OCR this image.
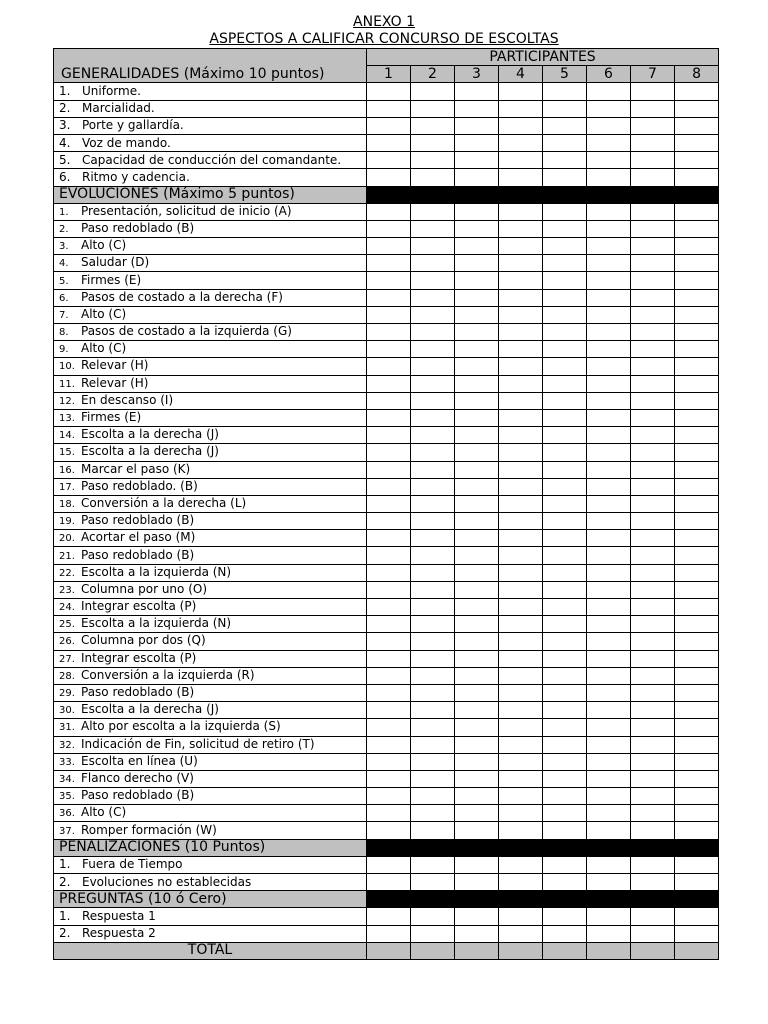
ANEXO 1
ASPECTOS A CALIFICAR CONCURSO DE ESCOLTAS
GENERALIDADES (Máximo 10 puntos)	PARTICIPANTES							
	1	2	3	4	5	6	7	8
1. Uniforme.								
2. Marcialidad.								
3. Porte y gallardía.								
4. Voz de mando.								
5. Capacidad de conducción del comandante.								
6. Ritmo y cadencia.								
EVOLUCIONES (Máximo 5 puntos)								
1. Presentación, solicitud de inicio (A)								
2. Paso redoblado (B)								
3. Alto (C)								
4. Saludar (D)								
5. Firmes (E)								
6. Pasos de costado a la derecha (F)								
7. Alto (C)								
8. Pasos de costado a la izquierda (G)								
9. Alto (C)								
10. Relevar (H)								
11. Relevar (H)								
12. En descanso (I)								
13. Firmes (E)								
14. Escolta a la derecha (J)								
15. Escolta a la derecha (J)								
16. Marcar el paso (K)								
17. Paso redoblado. (B)								
18. Conversión a la derecha (L)								
19. Paso redoblado (B)								
20. Acortar el paso (M)								
21. Paso redoblado (B)								
22. Escolta a la izquierda (N)								
23. Columna por uno (O)								
24. Integrar escolta (P)								
25. Escolta a la izquierda (N)								
26. Columna por dos (Q)								
27. Integrar escolta (P)								
28. Conversión a la izquierda (R)								
29. Paso redoblado (B)								
30. Escolta a la derecha (J)								
31. Alto por escolta a la izquierda (S)								
32. Indicación de Fin, solicitud de retiro (T)								
33. Escolta en línea (U)								
34. Flanco derecho (V)								
35. Paso redoblado (B)								
36. Alto (C)								
37. Romper formación (W)								
PENALIZACIONES (10 Puntos)								
1. Fuera de Tiempo								
2. Evoluciones no establecidas								
PREGUNTAS (10 ó Cero)								
1. Respuesta 1								
2. Respuesta 2								
TOTAL								
